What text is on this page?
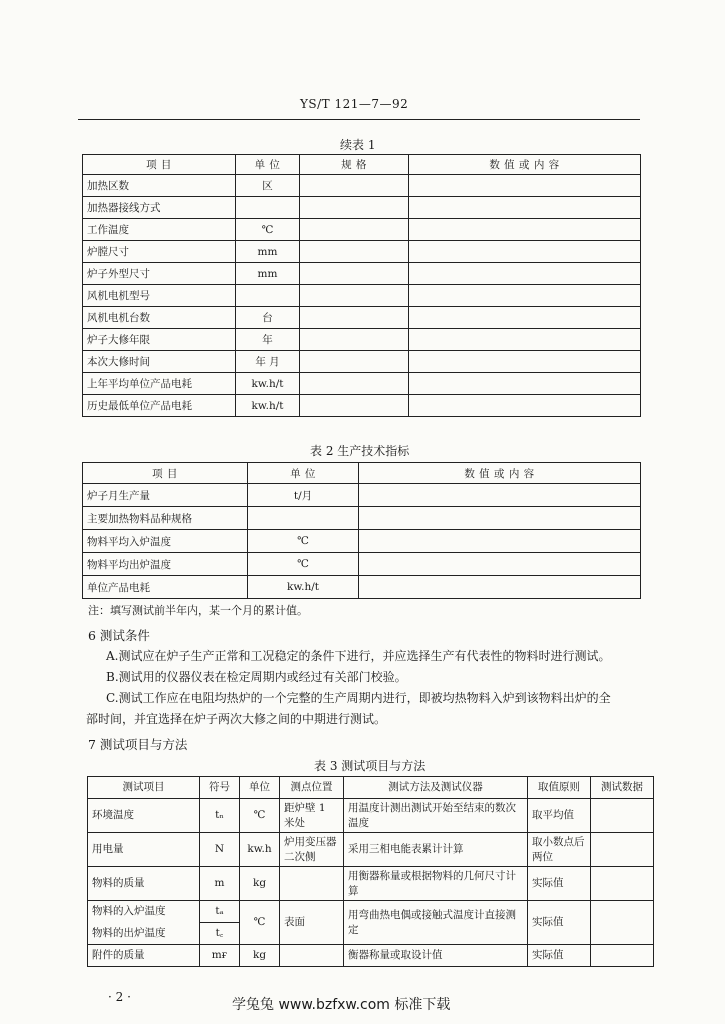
YS/T 121—7—92
续表 1
项 目	单 位	规 格	数 值 或 内 容
加热区数	区		
加热器接线方式			
工作温度	℃		
炉膛尺寸	mm		
炉子外型尺寸	mm		
风机电机型号			
风机电机台数	台		
炉子大修年限	年		
本次大修时间	年 月		
上年平均单位产品电耗	kw.h/t		
历史最低单位产品电耗	kw.h/t		
表 2 生产技术指标
项 目	单 位	数 值 或 内 容
炉子月生产量	t/月	
主要加热物料品种规格		
物料平均入炉温度	℃	
物料平均出炉温度	℃	
单位产品电耗	kw.h/t	
注：填写测试前半年内，某一个月的累计值。
6 测试条件

A.测试应在炉子生产正常和工况稳定的条件下进行，并应选择生产有代表性的物料时进行测试。

B.测试用的仪器仪表在检定周期内或经过有关部门校验。

C.测试工作应在电阻均热炉的一个完整的生产周期内进行，即被均热物料入炉到该物料出炉的全

部时间，并宜选择在炉子两次大修之间的中期进行测试。

7 测试项目与方法
表 3 测试项目与方法
测试项目	符号	单位	测点位置	测试方法及测试仪器	取值原则	测试数据
环境温度	tₙ	℃	距炉壁 1 米处	用温度计测出测试开始至结束的数次温度	取平均值	
用电量	N	kw.h	炉用变压器二次侧	采用三相电能表累计计算	取小数点后两位	
物料的质量	m	kg		用衡器称量或根据物料的几何尺寸计算	实际值	
物料的入炉温度	tₐ	℃	表面	用弯曲热电偶或接触式温度计直接测定	实际值	
物料的出炉温度	t꜀					
附件的质量	mғ	kg		衡器称量或取设计值	实际值	
· 2 ·	学兔兔 www.bzfxw.com 标准下载
